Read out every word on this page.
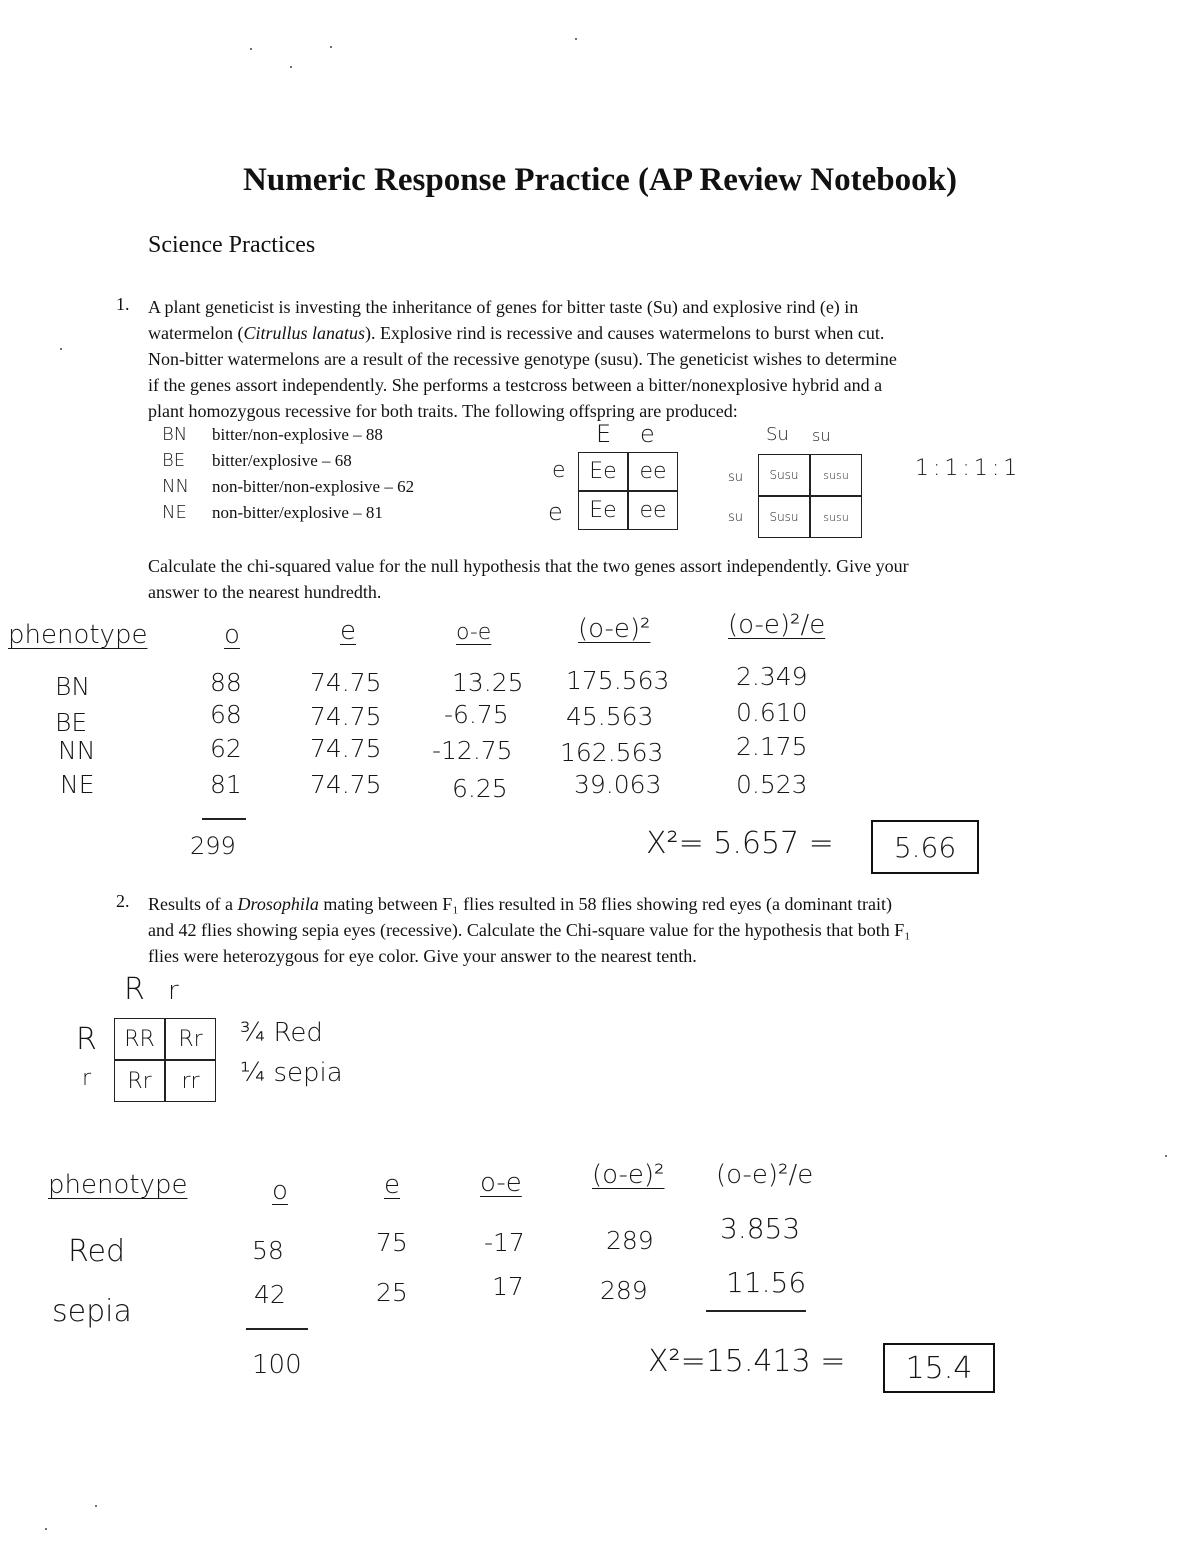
Numeric Response Practice (AP Review Notebook)
Science Practices
1. A plant geneticist is investing the inheritance of genes for bitter taste (Su) and explosive rind (e) in
watermelon (Citrullus lanatus). Explosive rind is recessive and causes watermelons to burst when cut.
Non-bitter watermelons are a result of the recessive genotype (susu). The geneticist wishes to determine
if the genes assort independently. She performs a testcross between a bitter/nonexplosive hybrid and a
plant homozygous recessive for both traits. The following offspring are produced:
BN bitter/non-explosive – 88
BE bitter/explosive – 68
NN non-bitter/non-explosive – 62
NE non-bitter/explosive – 81
E e
e
e
Ee	ee
Ee	ee
Su su
su
su
Susu	susu
Susu	susu
1:1:1:1
Calculate the chi-squared value for the null hypothesis that the two genes assort independently. Give your
answer to the nearest hundredth.
phenotype	o	e	o-e	(o-e)²	(o-e)²/e
BN	88	74.75	13.25 175.563	2.349
BE	68	74.75 -6.75 45.563	0.610
NN	62	74.75 -12.75 162.563	2.175
NE	81	74.75	6.25	39.063	0.523
299	X²= 5.657 =	5.66
2. Results of a Drosophila mating between F₁ flies resulted in 58 flies showing red eyes (a dominant trait)
and 42 flies showing sepia eyes (recessive). Calculate the Chi-square value for the hypothesis that both F₁
flies were heterozygous for eye color. Give your answer to the nearest tenth.
R r
R
r
RR	Rr
Rr	rr
¾ Red
¼ sepia
phenotype	o	e	o-e	(o-e)² (o-e)²/e
Red	58	75	-17	289 3.853
sepia	42	25	17	289	11.56
100	X²=15.413 =	15.4
